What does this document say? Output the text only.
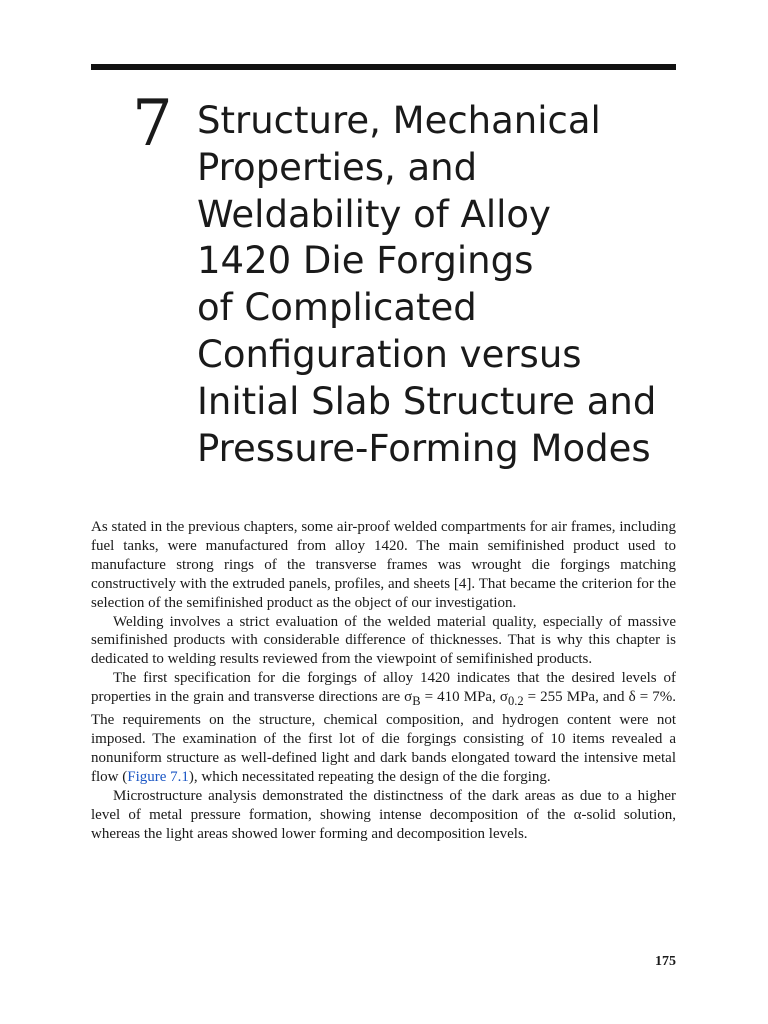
7 Structure, Mechanical
Properties, and
Weldability of Alloy
1420 Die Forgings
of Complicated
Configuration versus
Initial Slab Structure and
Pressure-Forming Modes

As stated in the previous chapters, some air-proof welded compartments for air frames, including fuel tanks, were manufactured from alloy 1420. The main semifinished product used to manufacture strong rings of the transverse frames was wrought die forgings matching constructively with the extruded panels, profiles, and sheets [4]. That became the criterion for the selection of the semifinished product as the object of our investigation.

Welding involves a strict evaluation of the welded material quality, especially of massive semifinished products with considerable difference of thicknesses. That is why this chapter is dedicated to welding results reviewed from the viewpoint of semifinished products.

The first specification for die forgings of alloy 1420 indicates that the desired levels of properties in the grain and transverse directions are $\sigma_B = 410$ MPa, $\sigma_{0.2} = 255$ MPa, and δ = 7%. The requirements on the structure, chemical composition, and hydrogen content were not imposed. The examination of the first lot of die forgings consisting of 10 items revealed a nonuniform structure as well-defined light and dark bands elongated toward the intensive metal flow (Figure 7.1), which necessitated repeating the design of the die forging.

Microstructure analysis demonstrated the distinctness of the dark areas as due to a higher level of metal pressure formation, showing intense decomposition of the α-solid solution, whereas the light areas showed lower forming and decomposition levels.

175
